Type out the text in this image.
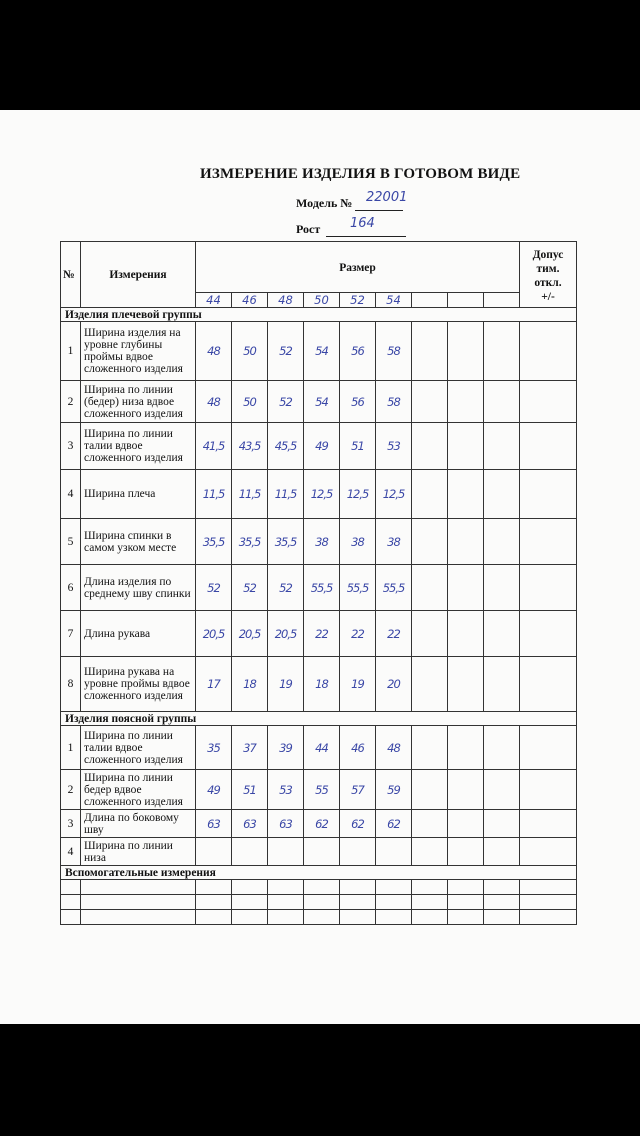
ИЗМЕРЕНИЕ ИЗДЕЛИЯ В ГОТОВОМ ВИДЕ
Модель № 22001
Рост 164
№	Измерения	Размер									Допус
тим.
откл.
+/-

		44	46	48	50	52	54				
Изделия плечевой группы											
1	Ширина изделия на уровне глубины проймы вдвое сложенного изделия	48	50	52	54	56	58				
2	Ширина по линии (бедер) низа вдвое сложенного изделия	48	50	52	54	56	58				
3	Ширина по линии талии вдвое сложенного изделия	41,5	43,5	45,5	49	51	53				
4	Ширина плеча	11,5	11,5	11,5	12,5	12,5	12,5				
5	Ширина спинки в самом узком месте	35,5	35,5	35,5	38	38	38				
6	Длина изделия по среднему шву спинки	52	52	52	55,5	55,5	55,5				
7	Длина рукава	20,5	20,5	20,5	22	22	22				
8	Ширина рукава на уровне проймы вдвое сложенного изделия	17	18	19	18	19	20				
Изделия поясной группы											
1	Ширина по линии талии вдвое сложенного изделия	35	37	39	44	46	48				
2	Ширина по линии бедер вдвое сложенного изделия	49	51	53	55	57	59				
3	Длина по боковому шву	63	63	63	62	62	62				
4	Ширина по линии низа										
Вспомогательные измерения											
